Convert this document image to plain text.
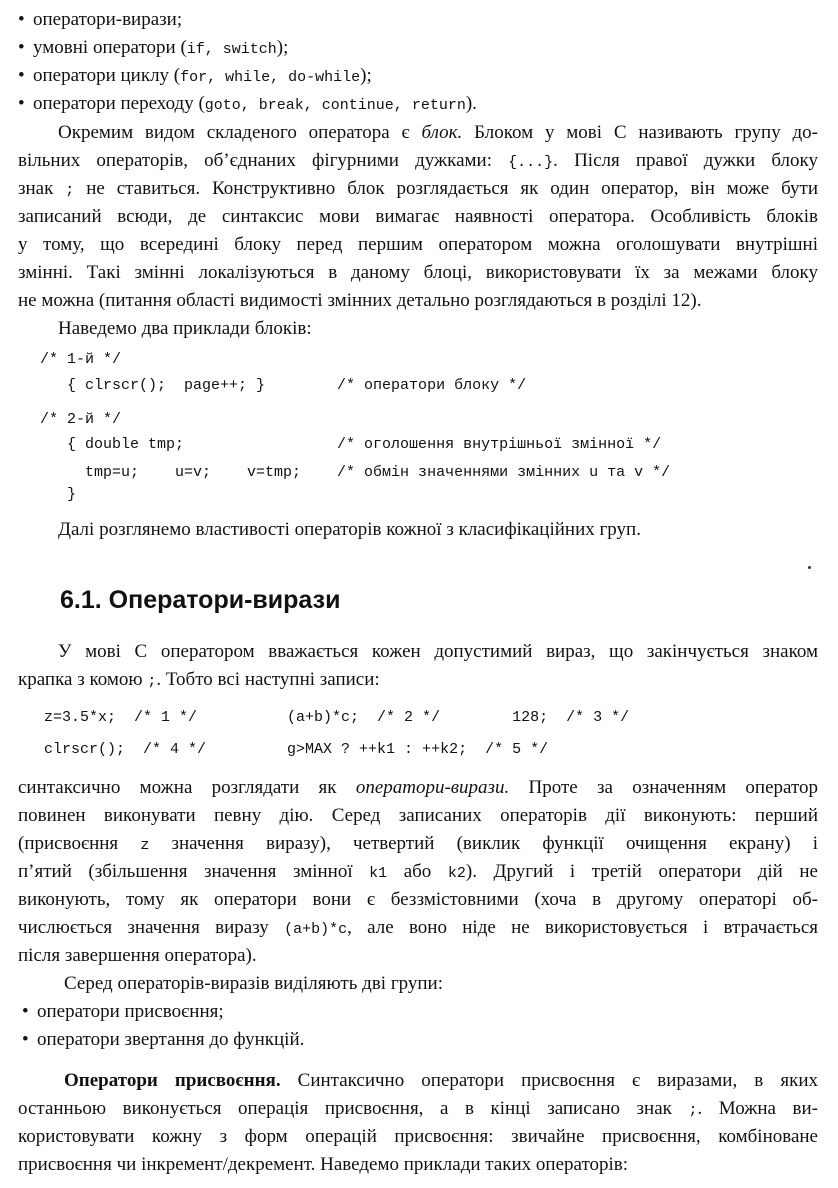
• оператори-вирази;
• умовні оператори (if, switch);
• оператори циклу (for, while, do-while);
• оператори переходу (goto, break, continue, return).
Окремим видом складеного оператора є блок. Блоком у мові С називають групу до-
вільних операторів, об’єднаних фігурними дужками: {...}. Після правої дужки блоку
знак ; не ставиться. Конструктивно блок розглядається як один оператор, він може бути
записаний всюди, де синтаксис мови вимагає наявності оператора. Особливість блоків
у тому, що всередині блоку перед першим оператором можна оголошувати внутрішні
змінні. Такі змінні локалізуються в даному блоці, використовувати їх за межами блоку
не можна (питання області видимості змінних детально розглядаються в розділі 12).
Наведемо два приклади блоків:
/* 1-й */
{ clrscr();  page++; }        /* оператори блоку */
/* 2-й */
{ double tmp;                 /* оголошення внутрішньої змінної */
tmp=u;    u=v;    v=tmp;    /* обмін значеннями змінних u та v */
}
Далі розглянемо властивості операторів кожної з класифікаційних груп.
6.1. Оператори-вирази
У мові С оператором вважається кожен допустимий вираз, що закінчується знаком
крапка з комою ;. Тобто всі наступні записи:
z=3.5*x;  /* 1 */          (a+b)*c;  /* 2 */        128;  /* 3 */
clrscr();  /* 4 */         g>MAX ? ++k1 : ++k2;  /* 5 */
синтаксично можна розглядати як оператори-вирази. Проте за означенням оператор
повинен виконувати певну дію. Серед записаних операторів дії виконують: перший
(присвоєння z значення виразу), четвертий (виклик функції очищення екрану) і
п’ятий (збільшення значення змінної k1 або k2). Другий і третій оператори дій не
виконують, тому як оператори вони є беззмістовними (хоча в другому операторі об-
числюється значення виразу (a+b)*c, але воно ніде не використовується і втрачається
після завершення оператора).
Серед операторів-виразів виділяють дві групи:
• оператори присвоєння;
• оператори звертання до функцій.
Оператори присвоєння. Синтаксично оператори присвоєння є виразами, в яких
останньою виконується операція присвоєння, а в кінці записано знак ;. Можна ви-
користовувати кожну з форм операцій присвоєння: звичайне присвоєння, комбіноване
присвоєння чи інкремент/декремент. Наведемо приклади таких операторів:
